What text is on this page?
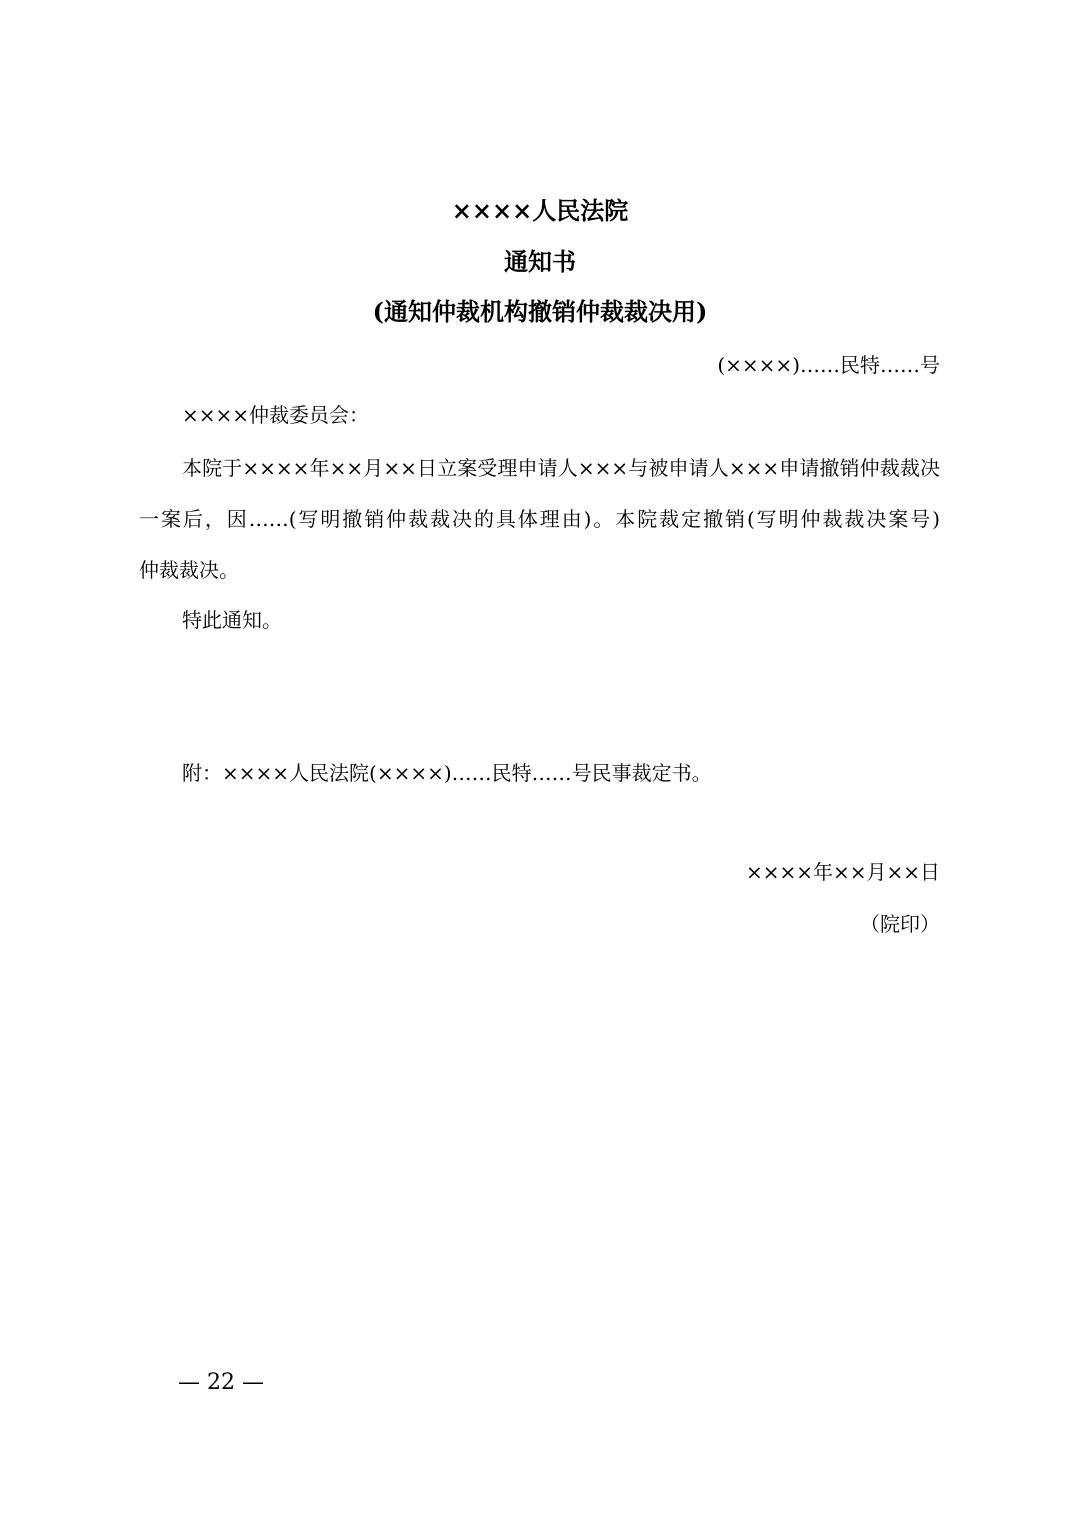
××××人民法院
通知书
(通知仲裁机构撤销仲裁裁决用)
(××××)……民特……号
××××仲裁委员会：
本院于××××年××月××日立案受理申请人×××与被申请人×××申请撤销仲裁裁决
一案后，因……(写明撤销仲裁裁决的具体理由)。本院裁定撤销(写明仲裁裁决案号)
仲裁裁决。
特此通知。
附：××××人民法院(××××)……民特……号民事裁定书。
××××年××月××日
（院印）
— 22 —
